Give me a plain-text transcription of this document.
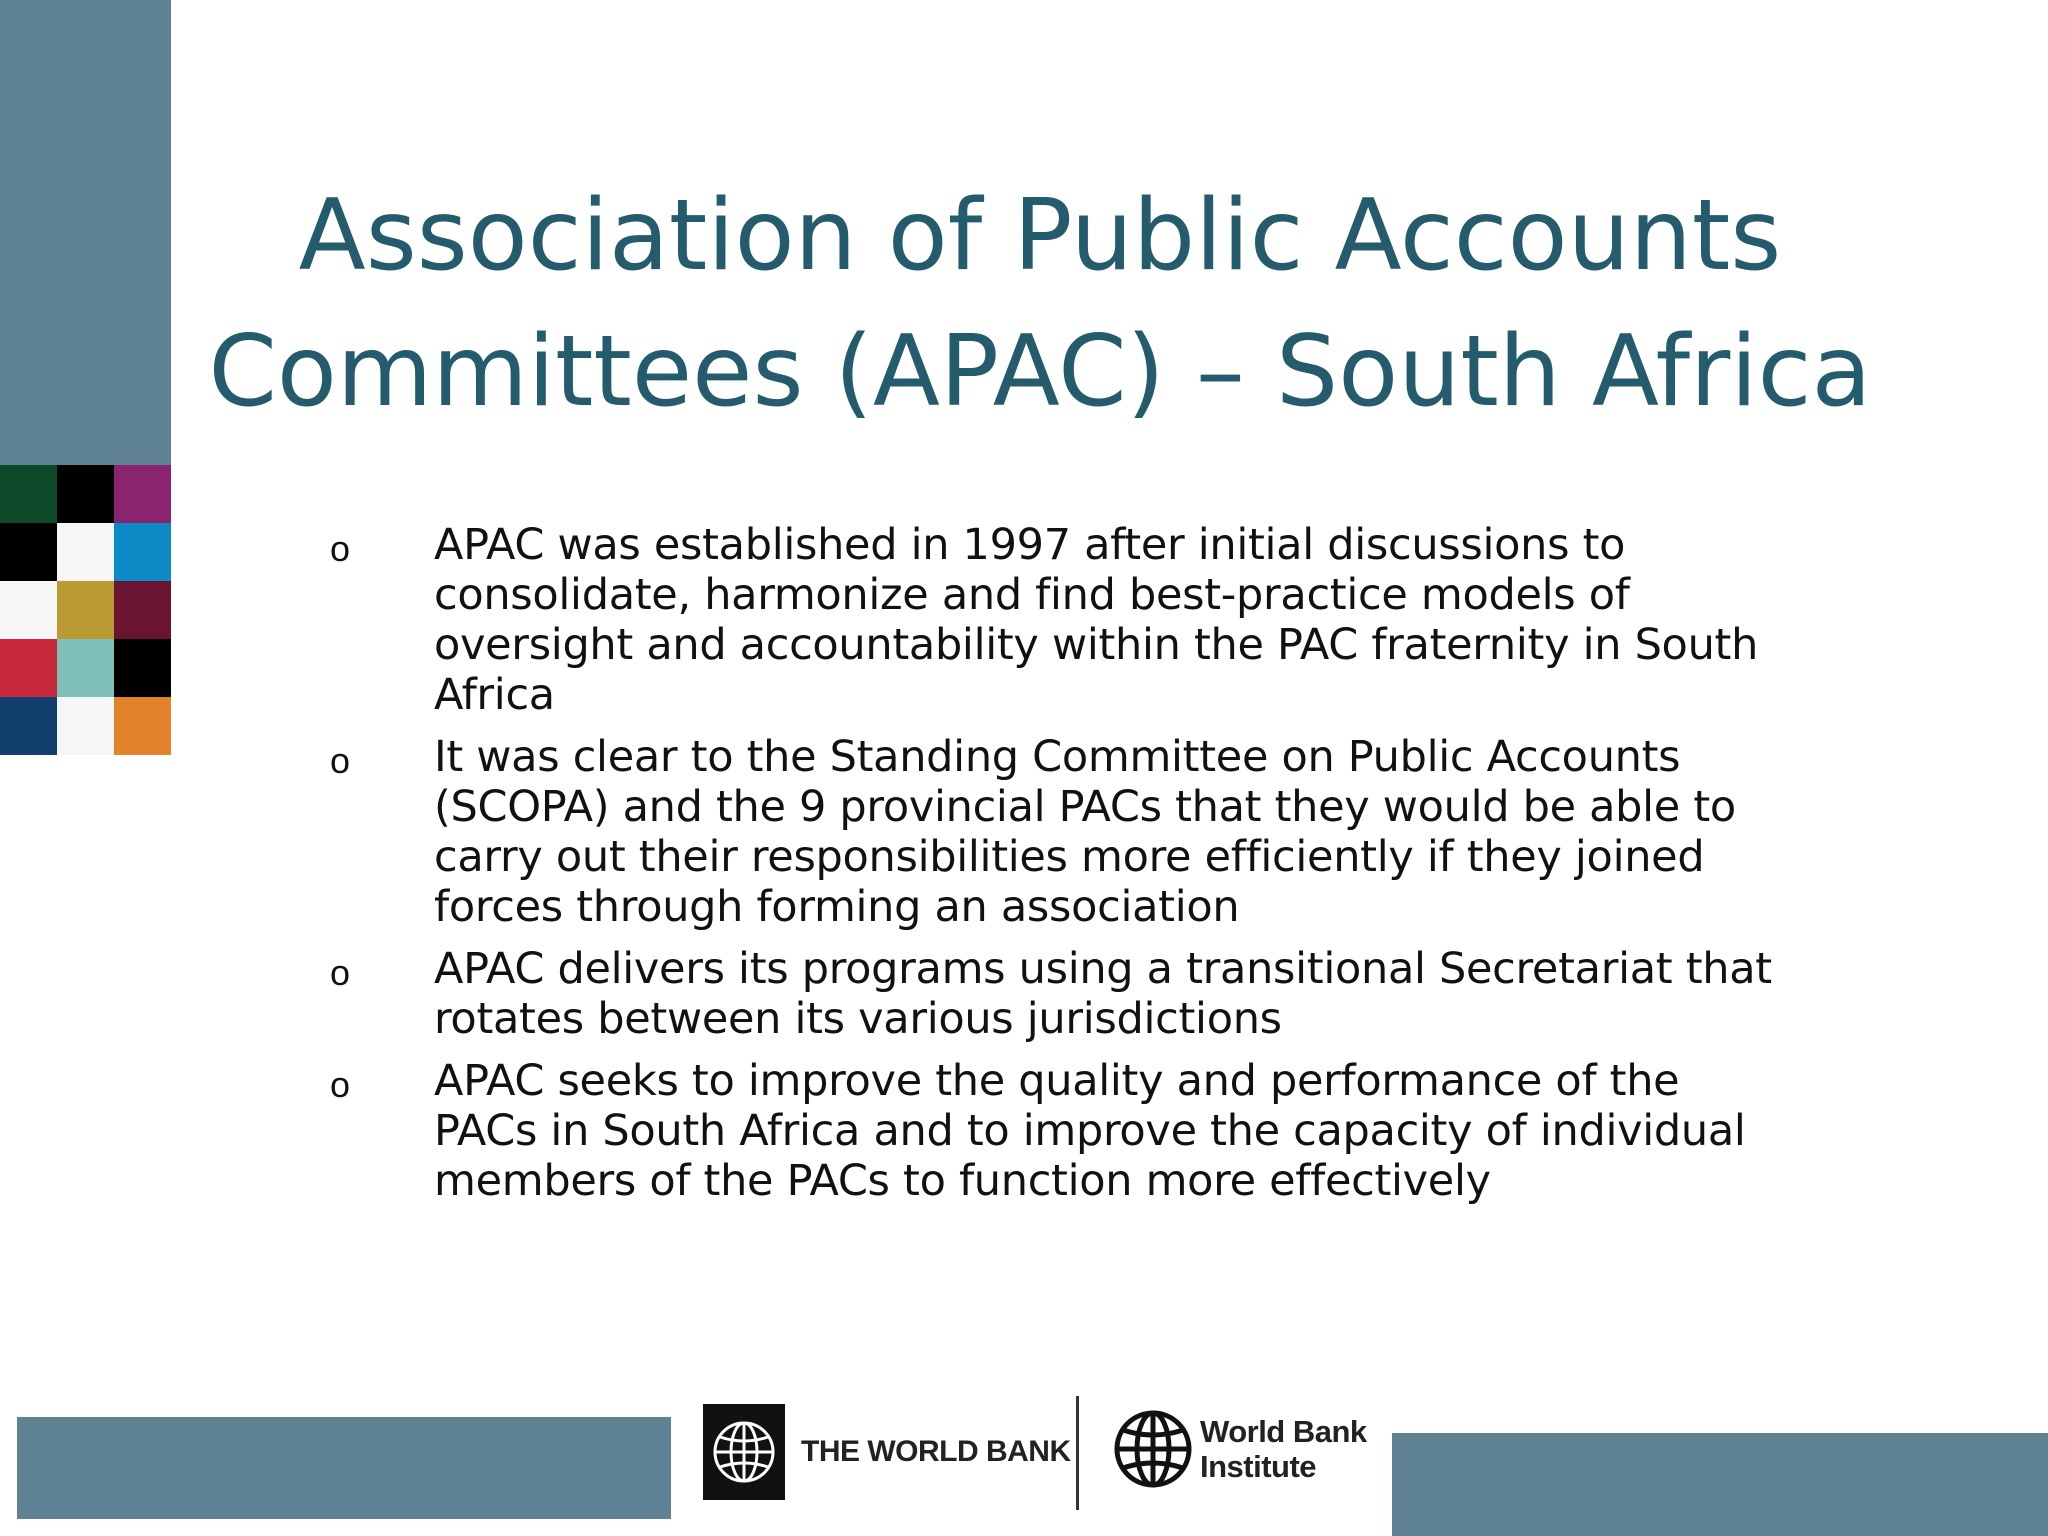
Association of Public Accounts
Committees (APAC) – South Africa
o	APAC was established in 1997 after initial discussions to consolidate, harmonize and find best-practice models of oversight and accountability within the PAC fraternity in South Africa
o	It was clear to the Standing Committee on Public Accounts (SCOPA) and the 9 provincial PACs that they would be able to carry out their responsibilities more efficiently if they joined forces through forming an association
o	APAC delivers its programs using a transitional Secretariat that rotates between its various jurisdictions
o	APAC seeks to improve the quality and performance of the PACs in South Africa and to improve the capacity of individual members of the PACs to function more effectively
THE WORLD BANK
World Bank
Institute
